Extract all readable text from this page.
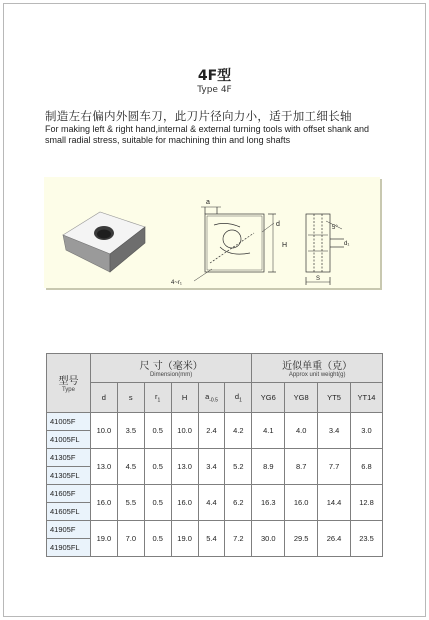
4F型
Type 4F
制造左右偏内外圆车刀，此刀片径向力小，适于加工细长轴
For making left & right hand,internal & external turning tools with offset shank and small radial stress, suitable for machining thin and long shafts
a
d
H
4~r₁
5°
d₁
S
型号
Type	尺 寸（毫米）
Dimension(mm)						近似单重（克）
Approx unit weight(g)			

	d	s	$r_1$	H	$a_{-0.5}$	$d_1$	YG6	YG8	YT5	YT14
41005F	10.0	3.5	0.5	10.0	2.4	4.2	4.1	4.0	3.4	3.0
41005FL										
41305F	13.0	4.5	0.5	13.0	3.4	5.2	8.9	8.7	7.7	6.8
41305FL										
41605F	16.0	5.5	0.5	16.0	4.4	6.2	16.3	16.0	14.4	12.8
41605FL										
41905F	19.0	7.0	0.5	19.0	5.4	7.2	30.0	29.5	26.4	23.5
41905FL										
